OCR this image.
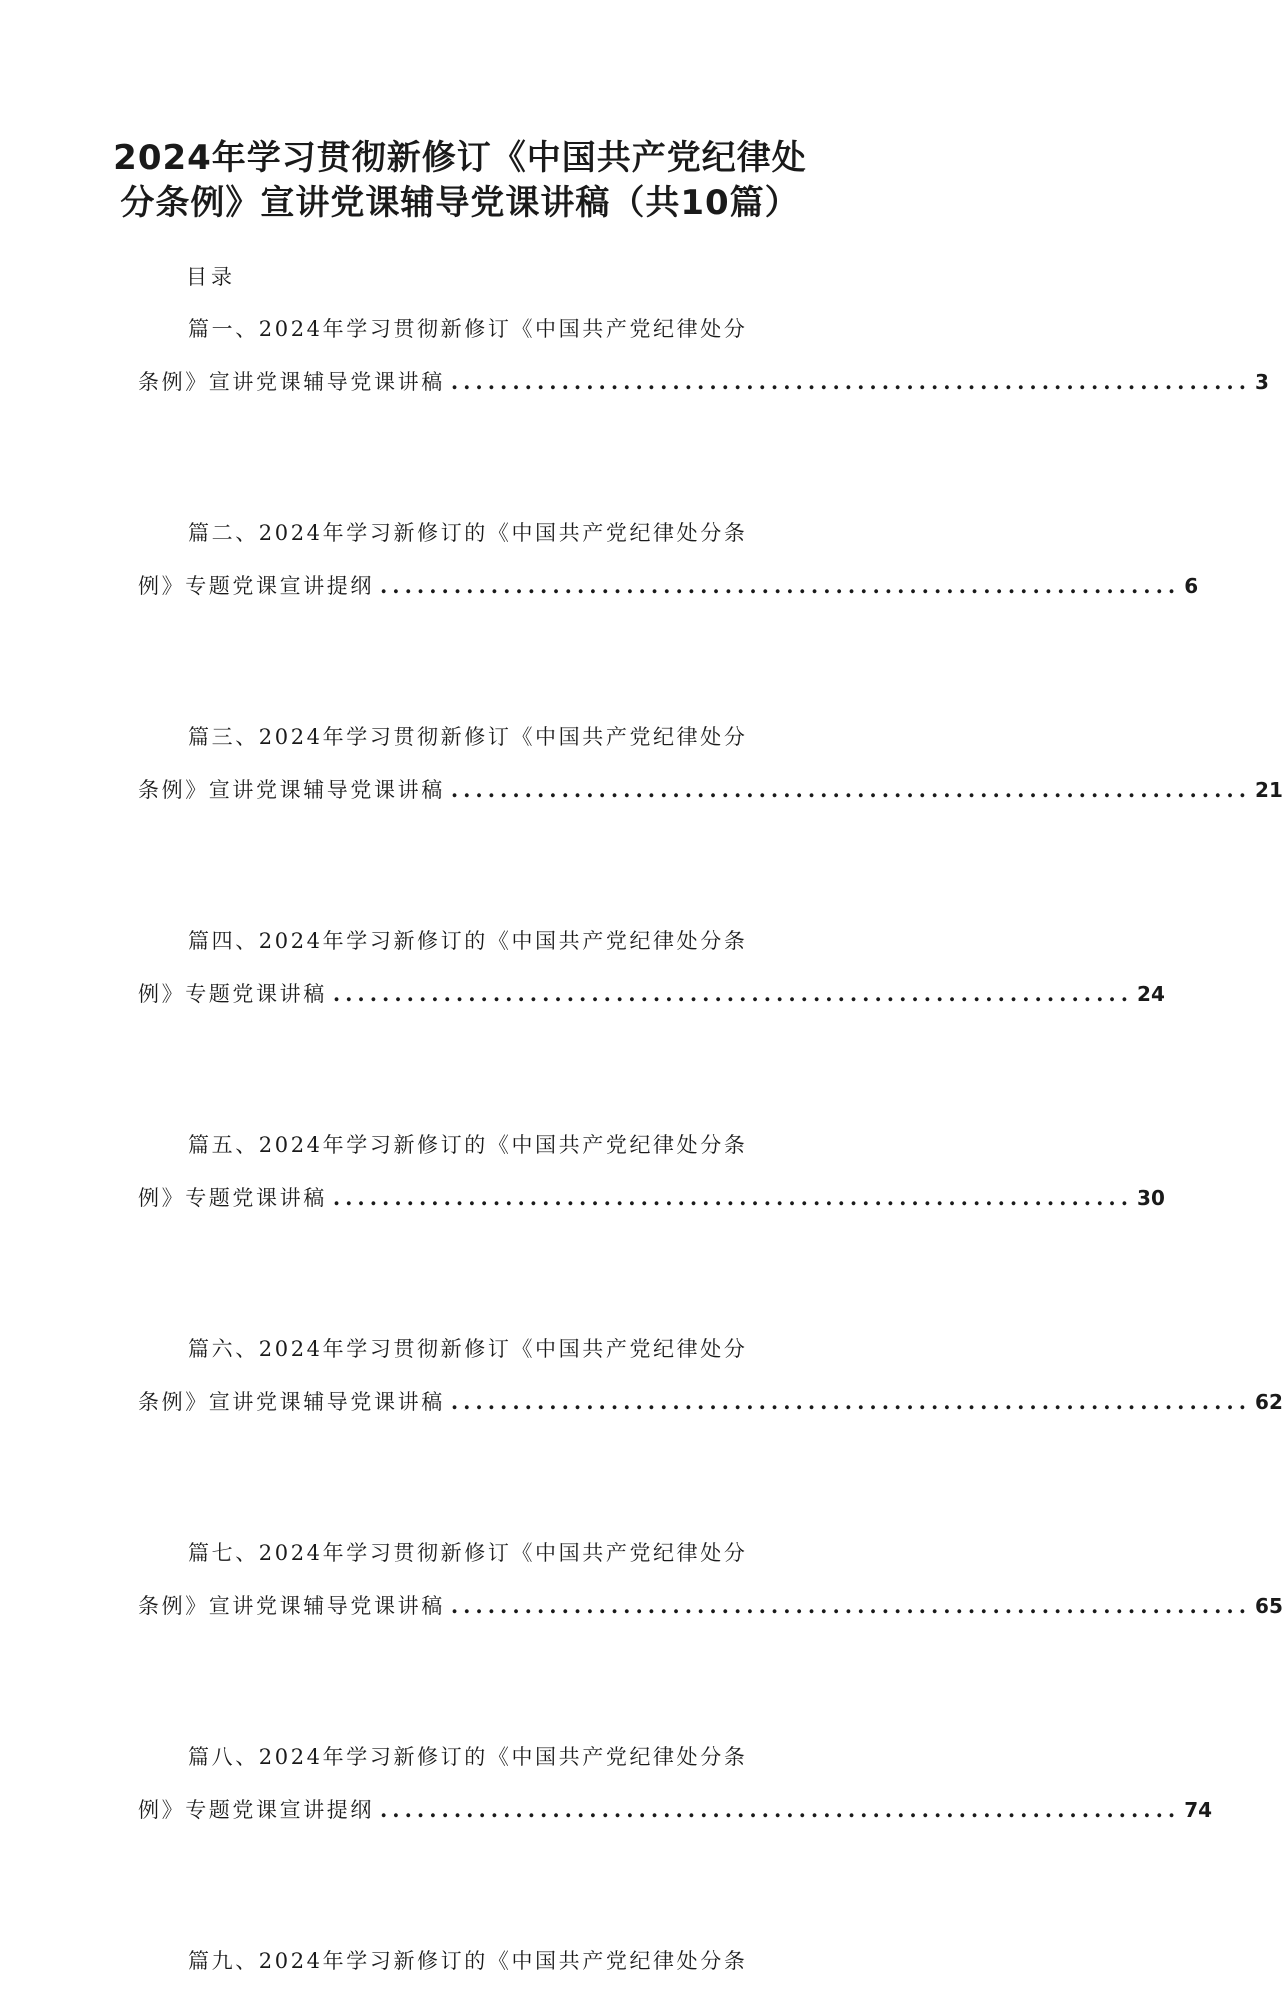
2024年学习贯彻新修订《中国共产党纪律处
分条例》宣讲党课辅导党课讲稿（共10篇）
目录
篇一、2024年学习贯彻新修订《中国共产党纪律处分
条例》宣讲党课辅导党课讲稿 ................................................................. 3
篇二、2024年学习新修订的《中国共产党纪律处分条
例》专题党课宣讲提纲 ................................................................. 6
篇三、2024年学习贯彻新修订《中国共产党纪律处分
条例》宣讲党课辅导党课讲稿 ................................................................. 21
篇四、2024年学习新修订的《中国共产党纪律处分条
例》专题党课讲稿 ................................................................. 24
篇五、2024年学习新修订的《中国共产党纪律处分条
例》专题党课讲稿 ................................................................. 30
篇六、2024年学习贯彻新修订《中国共产党纪律处分
条例》宣讲党课辅导党课讲稿 ................................................................. 62
篇七、2024年学习贯彻新修订《中国共产党纪律处分
条例》宣讲党课辅导党课讲稿 ................................................................. 65
篇八、2024年学习新修订的《中国共产党纪律处分条
例》专题党课宣讲提纲 ................................................................. 74
篇九、2024年学习新修订的《中国共产党纪律处分条
